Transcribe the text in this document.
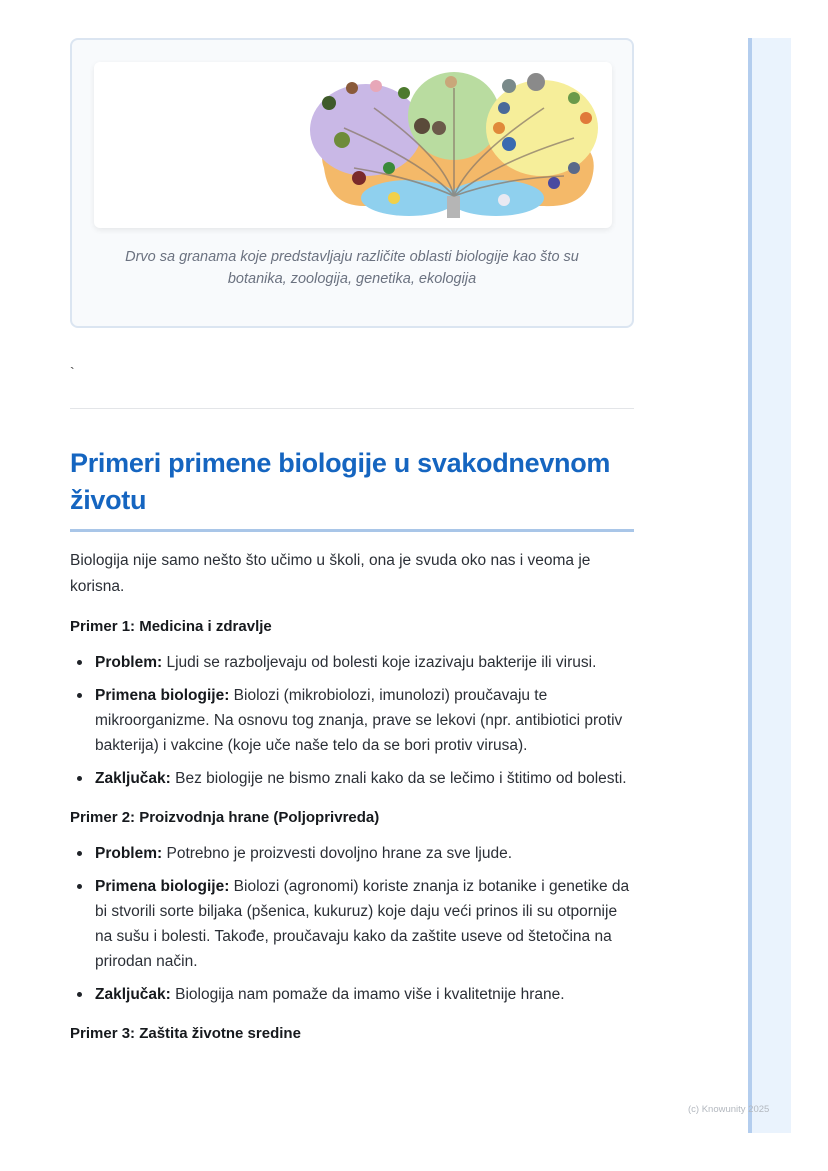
Drvo sa granama koje predstavljaju različite oblasti biologije kao što su botanika, zoologija, genetika, ekologija
`
Primeri primene biologije u svakodnevnom životu

Biologija nije samo nešto što učimo u školi, ona je svuda oko nas i veoma je korisna.

Primer 1: Medicina i zdravlje
Problem: Ljudi se razboljevaju od bolesti koje izazivaju bakterije ili virusi.
Primena biologije: Biolozi (mikrobiolozi, imunolozi) proučavaju te mikroorganizme. Na osnovu tog znanja, prave se lekovi (npr. antibiotici protiv bakterija) i vakcine (koje uče naše telo da se bori protiv virusa).
Zaključak: Bez biologije ne bismo znali kako da se lečimo i štitimo od bolesti.
Primer 2: Proizvodnja hrane (Poljoprivreda)
Problem: Potrebno je proizvesti dovoljno hrane za sve ljude.
Primena biologije: Biolozi (agronomi) koriste znanja iz botanike i genetike da bi stvorili sorte biljaka (pšenica, kukuruz) koje daju veći prinos ili su otpornije na sušu i bolesti. Takođe, proučavaju kako da zaštite useve od štetočina na prirodan način.
Zaključak: Biologija nam pomaže da imamo više i kvalitetnije hrane.
Primer 3: Zaštita životne sredine
(c) Knowunity 2025
